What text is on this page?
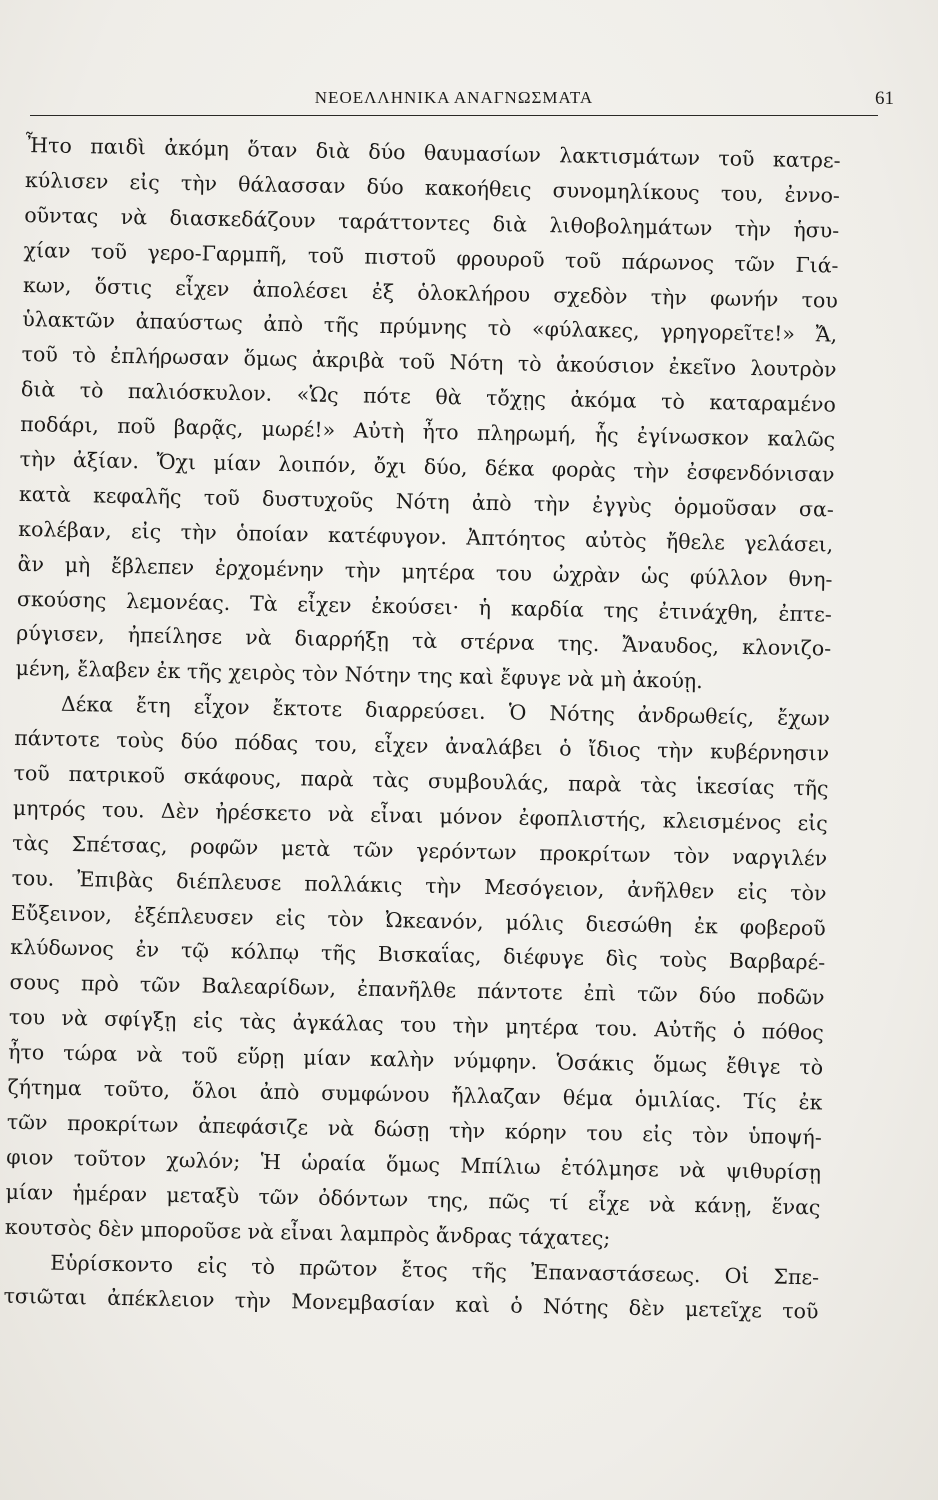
ΝΕΟΕΛΛΗΝΙΚΑ ΑΝΑΓΝΩΣΜΑΤΑ	61
Ἦτο παιδὶ ἀκόμη ὅταν διὰ δύο θαυμασίων λακτισμάτων τοῦ κατρε-
κύλισεν εἰς τὴν θάλασσαν δύο κακοήθεις συνομηλίκους του, ἐννο-
οῦντας νὰ διασκεδάζουν ταράττοντες διὰ λιθοβολημάτων τὴν ἡσυ-
χίαν τοῦ γερο-Γαρμπῆ, τοῦ πιστοῦ φρουροῦ τοῦ πάρωνος τῶν Γιά-
κων, ὅστις εἶχεν ἀπολέσει ἐξ ὁλοκλήρου σχεδὸν τὴν φωνήν του
ὑλακτῶν ἀπαύστως ἀπὸ τῆς πρύμνης τὸ «φύλακες, γρηγορεῖτε!» Ἄ,
τοῦ τὸ ἐπλήρωσαν ὅμως ἀκριβὰ τοῦ Νότη τὸ ἀκούσιον ἐκεῖνο λουτρὸν
διὰ τὸ παλιόσκυλον. «Ὡς πότε θὰ τὄχῃς ἀκόμα τὸ καταραμένο
ποδάρι, ποῦ βαρᾷς, μωρέ!» Αὐτὴ ἦτο πληρωμή, ἧς ἐγίνωσκον καλῶς
τὴν ἀξίαν. Ὄχι μίαν λοιπόν, ὄχι δύο, δέκα φορὰς τὴν ἐσφενδόνισαν
κατὰ κεφαλῆς τοῦ δυστυχοῦς Νότη ἀπὸ τὴν ἐγγὺς ὁρμοῦσαν σα-
κολέβαν, εἰς τὴν ὁποίαν κατέφυγον. Ἀπτόητος αὐτὸς ἤθελε γελάσει,
ἂν μὴ ἔβλεπεν ἐρχομένην τὴν μητέρα του ὠχρὰν ὡς φύλλον θνη-
σκούσης λεμονέας. Τὰ εἶχεν ἐκούσει· ἡ καρδία της ἐτινάχθη, ἐπτε-
ρύγισεν, ἠπείλησε νὰ διαρρήξῃ τὰ στέρνα της. Ἄναυδος, κλονιζο-
μένη, ἔλαβεν ἐκ τῆς χειρὸς τὸν Νότην της καὶ ἔφυγε νὰ μὴ ἀκούῃ.
Δέκα ἔτη εἶχον ἔκτοτε διαρρεύσει. Ὁ Νότης ἀνδρωθείς, ἔχων
πάντοτε τοὺς δύο πόδας του, εἶχεν ἀναλάβει ὁ ἴδιος τὴν κυβέρνησιν
τοῦ πατρικοῦ σκάφους, παρὰ τὰς συμβουλάς, παρὰ τὰς ἱκεσίας τῆς
μητρός του. Δὲν ἠρέσκετο νὰ εἶναι μόνον ἐφοπλιστής, κλεισμένος εἰς
τὰς Σπέτσας, ροφῶν μετὰ τῶν γερόντων προκρίτων τὸν ναργιλέν
του. Ἐπιβὰς διέπλευσε πολλάκις τὴν Μεσόγειον, ἀνῆλθεν εἰς τὸν
Εὔξεινον, ἐξέπλευσεν εἰς τὸν Ὠκεανόν, μόλις διεσώθη ἐκ φοβεροῦ
κλύδωνος ἐν τῷ κόλπῳ τῆς Βισκαΐας, διέφυγε δὶς τοὺς Βαρβαρέ-
σους πρὸ τῶν Βαλεαρίδων, ἐπανῆλθε πάντοτε ἐπὶ τῶν δύο ποδῶν
του νὰ σφίγξῃ εἰς τὰς ἀγκάλας του τὴν μητέρα του. Αὐτῆς ὁ πόθος
ἦτο τώρα νὰ τοῦ εὕρῃ μίαν καλὴν νύμφην. Ὁσάκις ὅμως ἔθιγε τὸ
ζήτημα τοῦτο, ὅλοι ἀπὸ συμφώνου ἤλλαζαν θέμα ὁμιλίας. Τίς ἐκ
τῶν προκρίτων ἀπεφάσιζε νὰ δώσῃ τὴν κόρην του εἰς τὸν ὑποψή-
φιον τοῦτον χωλόν; Ἡ ὡραία ὅμως Μπίλιω ἐτόλμησε νὰ ψιθυρίσῃ
μίαν ἡμέραν μεταξὺ τῶν ὀδόντων της, πῶς τί εἶχε νὰ κάνῃ, ἕνας
κουτσὸς δὲν μποροῦσε νὰ εἶναι λαμπρὸς ἄνδρας τάχατες;
Εὑρίσκοντο εἰς τὸ πρῶτον ἔτος τῆς Ἐπαναστάσεως. Οἱ Σπε-
τσιῶται ἀπέκλειον τὴν Μονεμβασίαν καὶ ὁ Νότης δὲν μετεῖχε τοῦ
